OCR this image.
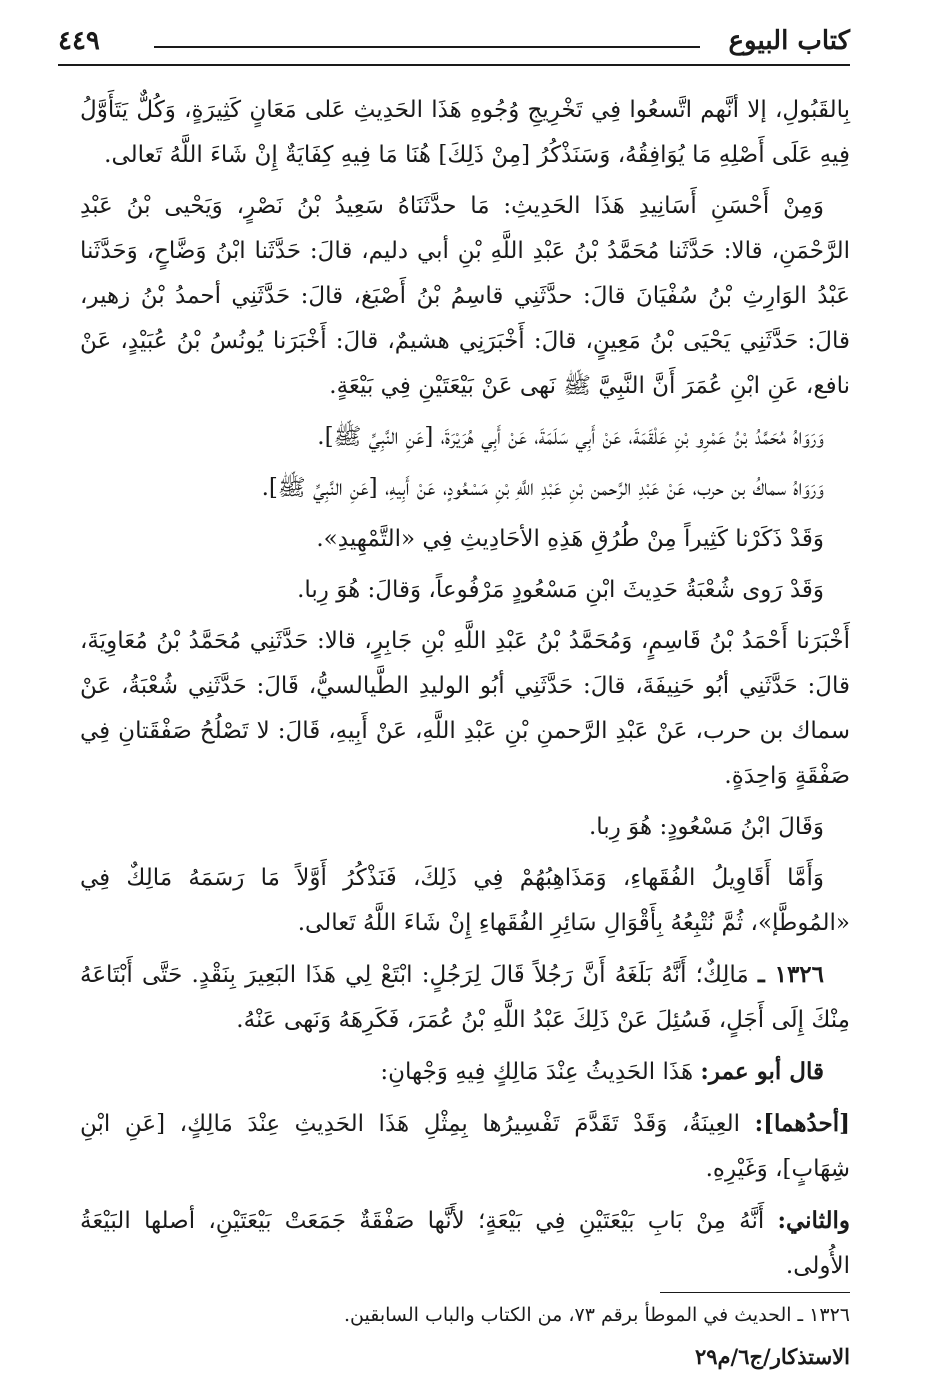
كتاب البيوع
٤٤٩

بِالقَبُولِ، إلا أنَّهم اتَّسعُوا فِي تَخْرِيجِ وُجُوهِ هَذَا الحَدِيثِ عَلى مَعَانٍ كَثِيرَةٍ، وَكُلٌّ يَتَأَوَّلُ فِيهِ عَلَى أَصْلِهِ مَا يُوَافِقُهُ، وَسَنَذْكُرُ [مِنْ ذَلِكَ] هُنَا مَا فِيهِ كِفَايَةٌ إِنْ شَاءَ اللَّهُ تَعالى.

وَمِنْ أَحْسَنِ أَسَانِيدِ هَذَا الحَدِيثِ: مَا حدَّثَنَاهُ سَعِيدُ بْنُ نَصْرٍ، وَيَحْيى بْنُ عَبْدِ الرَّحْمَنِ، قالا: حَدَّثَنا مُحَمَّدُ بْنُ عَبْدِ اللَّهِ بْنِ أبي دليم، قالَ: حَدَّثَنا ابْنُ وَضَّاحٍ، وَحَدَّثَنا عَبْدُ الوَارِثِ بْنُ سُفْيَانَ قالَ: حدَّثَنِي قاسِمُ بْنُ أَصْبَغ، قالَ: حَدَّثَنِي أحمدُ بْنُ زهير، قالَ: حَدَّثَنِي يَحْيَى بْنُ مَعِينٍ، قالَ: أَخْبَرَنِي هشيمٌ، قالَ: أَخْبَرَنا يُونُسُ بْنُ عُبَيْدٍ، عَنْ نافع، عَنِ ابْنِ عُمَرَ أَنَّ النَّبِيَّ ﷺ نَهى عَنْ بَيْعَتَيْنِ فِي بَيْعَةٍ.

وَرَوَاهُ مُحَمَّدُ بْنُ عَمْرِو بْنِ عَلْقَمَةَ، عَنْ أَبِي سَلَمَةَ، عَنْ أَبِي هُرَيْرَةَ، [عَنِ النَّبِيِّ ﷺ].

وَرَوَاهُ سماكُ بن حرب، عَنْ عَبْدِ الرَّحمن بْنِ عَبْدِ اللَّهِ بْنِ مَسْعُودٍ، عَنْ أَبِيهِ، [عَنِ النَّبِيِّ ﷺ].

وَقَدْ ذَكَرْنا كَثِيراً مِنْ طُرُقِ هَذِهِ الأحَادِيثِ فِي «التَّمْهِيدِ».

وَقَدْ رَوى شُعْبَةُ حَدِيثَ ابْنِ مَسْعُودٍ مَرْفُوعاً، وَقالَ: هُوَ رِبا.

أَخْبَرَنا أَحْمَدُ بْنُ قَاسِمٍ، وَمُحَمَّدُ بْنُ عَبْدِ اللَّهِ بْنِ جَابِرٍ، قالا: حَدَّثَنِي مُحَمَّدُ بْنُ مُعَاوِيَةَ، قالَ: حَدَّثَنِي أبُو حَنِيفَةَ، قالَ: حَدَّثَنِي أبُو الوليدِ الطَّيالسيُّ، قَالَ: حَدَّثَنِي شُعْبَةُ، عَنْ سماك بن حرب، عَنْ عَبْدِ الرَّحمنِ بْنِ عَبْدِ اللَّهِ، عَنْ أَبِيهِ، قَالَ: لا تَصْلُحُ صَفْقَتانِ فِي صَفْقَةٍ وَاحِدَةٍ.

وَقَالَ ابْنُ مَسْعُودٍ: هُوَ رِبا.

وَأَمَّا أَقَاوِيلُ الفُقَهاءِ، وَمَذَاهِبُهُمْ فِي ذَلِكَ، فَنَذْكُرُ أَوَّلاً مَا رَسَمَهُ مَالِكٌ فِي «المُوطَّإ»، ثُمَّ نُتْبِعُهُ بِأَقْوَالِ سَائِرِ الفُقَهاءِ إِنْ شَاءَ اللَّهُ تَعالى.

١٣٢٦ ـ مَالِكٌ؛ أَنَّهُ بَلَغَهُ أَنَّ رَجُلاً قَالَ لِرَجُلٍ: ابْتَعْ لِي هَذَا البَعِيرَ بِنَقْدٍ. حَتَّى أَبْتَاعَهُ مِنْكَ إِلَى أَجَلٍ، فَسُئِلَ عَنْ ذَلِكَ عَبْدُ اللَّهِ بْنُ عُمَرَ، فَكَرِهَهُ وَنَهى عَنْهُ.

قال أبو عمر: هَذَا الحَدِيثُ عِنْدَ مَالِكٍ فِيهِ وَجْهانِ:

[أحدُهما]: العِينَةُ، وَقَدْ تَقَدَّمَ تَفْسِيرُها بِمِثْلِ هَذَا الحَدِيثِ عِنْدَ مَالِكٍ، [عَنِ ابْنِ شِهَابٍ]، وَغَيْرِهِ.

والثاني: أَنَّهُ مِنْ بَابِ بَيْعَتَيْنِ فِي بَيْعَةٍ؛ لأَنَّها صَفْقَةٌ جَمَعَتْ بَيْعَتَيْنِ، أصلها البَيْعَةُ الأُولى.

١٣٢٦ ـ الحديث في الموطأ برقم ٧٣، من الكتاب والباب السابقين.
الاستذكار/ج٦/م٢٩
